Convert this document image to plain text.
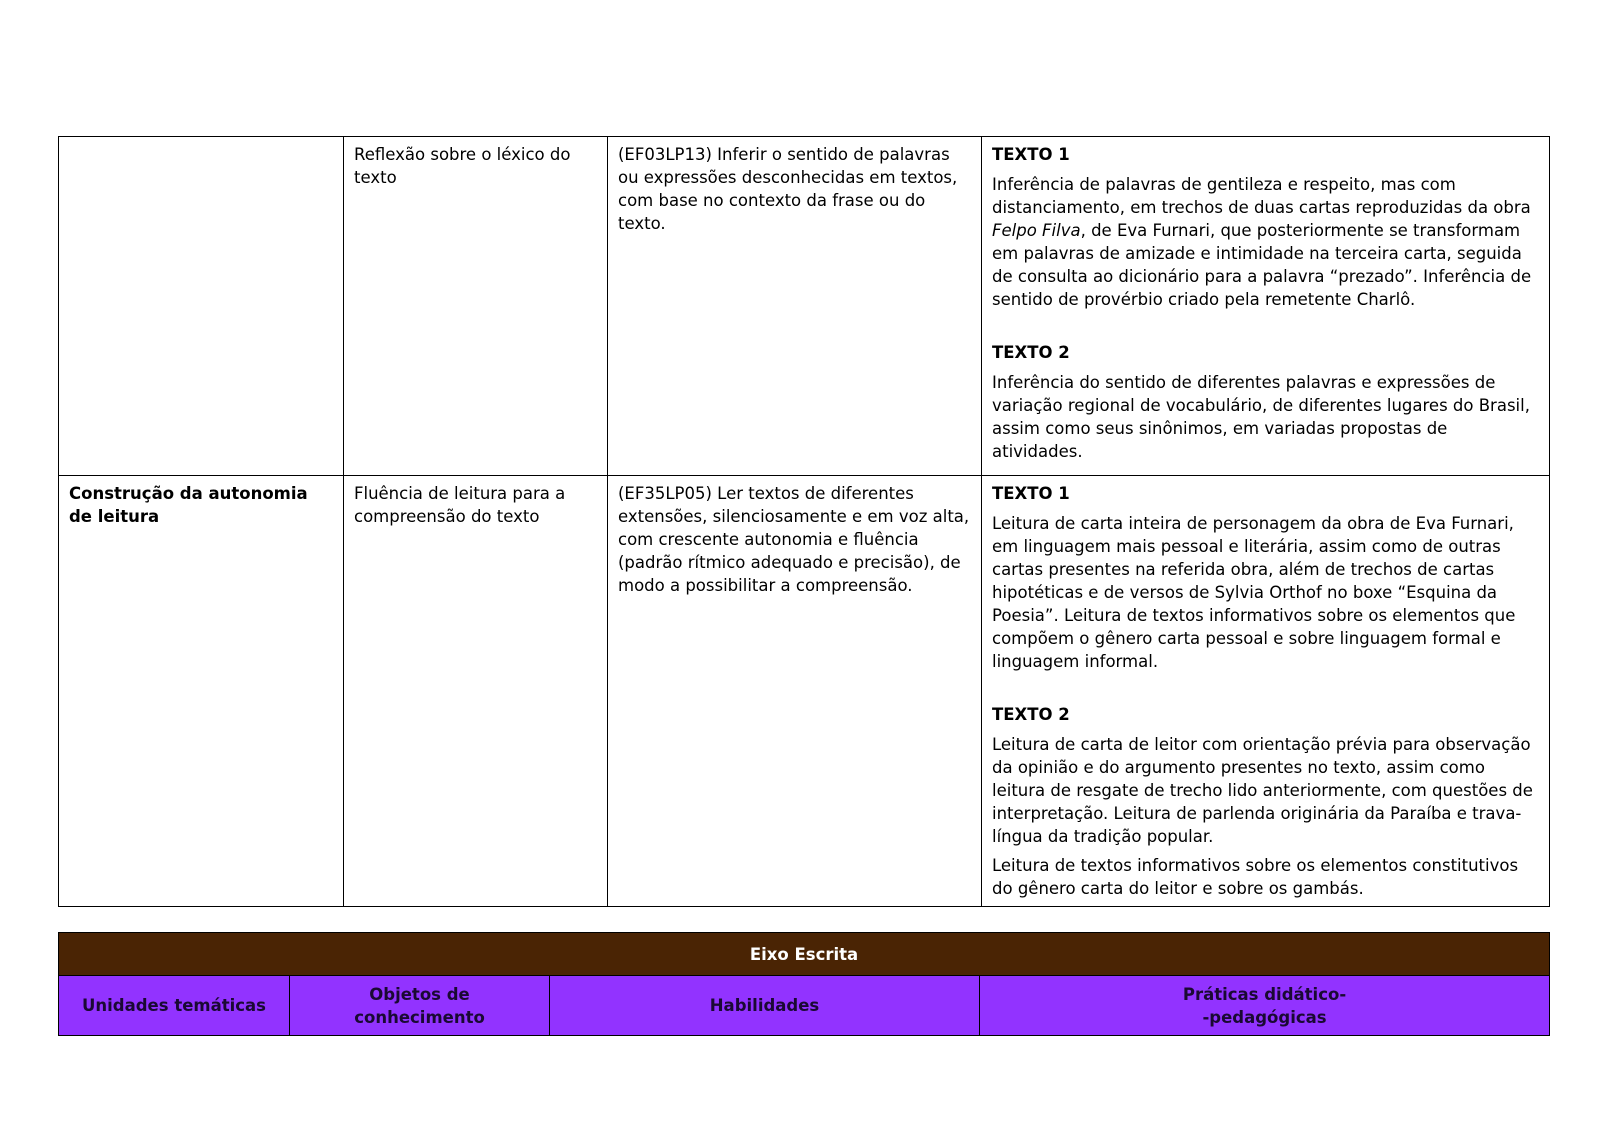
	Reflexão sobre o léxico do texto	(EF03LP13) Inferir o sentido de palavras ou expressões desconhecidas em textos, com base no contexto da frase ou do texto.	TEXTO 1

Inferência de palavras de gentileza e respeito, mas com distanciamento, em trechos de duas cartas reproduzidas da obra Felpo Filva, de Eva Furnari, que posteriormente se transformam em palavras de amizade e intimidade na terceira carta, seguida de consulta ao dicionário para a palavra “prezado”. Inferência de sentido de provérbio criado pela remetente Charlô.

TEXTO 2

Inferência do sentido de diferentes palavras e expressões de variação regional de vocabulário, de diferentes lugares do Brasil, assim como seus sinônimos, em variadas propostas de atividades.

Construção da autonomia de leitura	Fluência de leitura para a compreensão do texto	(EF35LP05) Ler textos de diferentes extensões, silenciosamente e em voz alta, com crescente autonomia e fluência (padrão rítmico adequado e precisão), de modo a possibilitar a compreensão.	TEXTO 1

Leitura de carta inteira de personagem da obra de Eva Furnari, em linguagem mais pessoal e literária, assim como de outras cartas presentes na referida obra, além de trechos de cartas hipotéticas e de versos de Sylvia Orthof no boxe “Esquina da Poesia”. Leitura de textos informativos sobre os elementos que compõem o gênero carta pessoal e sobre linguagem formal e linguagem informal.

TEXTO 2

Leitura de carta de leitor com orientação prévia para observação da opinião e do argumento presentes no texto, assim como leitura de resgate de trecho lido anteriormente, com questões de interpretação. Leitura de parlenda originária da Paraíba e trava-língua da tradição popular.

Leitura de textos informativos sobre os elementos constitutivos do gênero carta do leitor e sobre os gambás.

Eixo Escrita
Unidades temáticas	Objetos de
conhecimento	Habilidades	Práticas didático-
-pedagógicas
